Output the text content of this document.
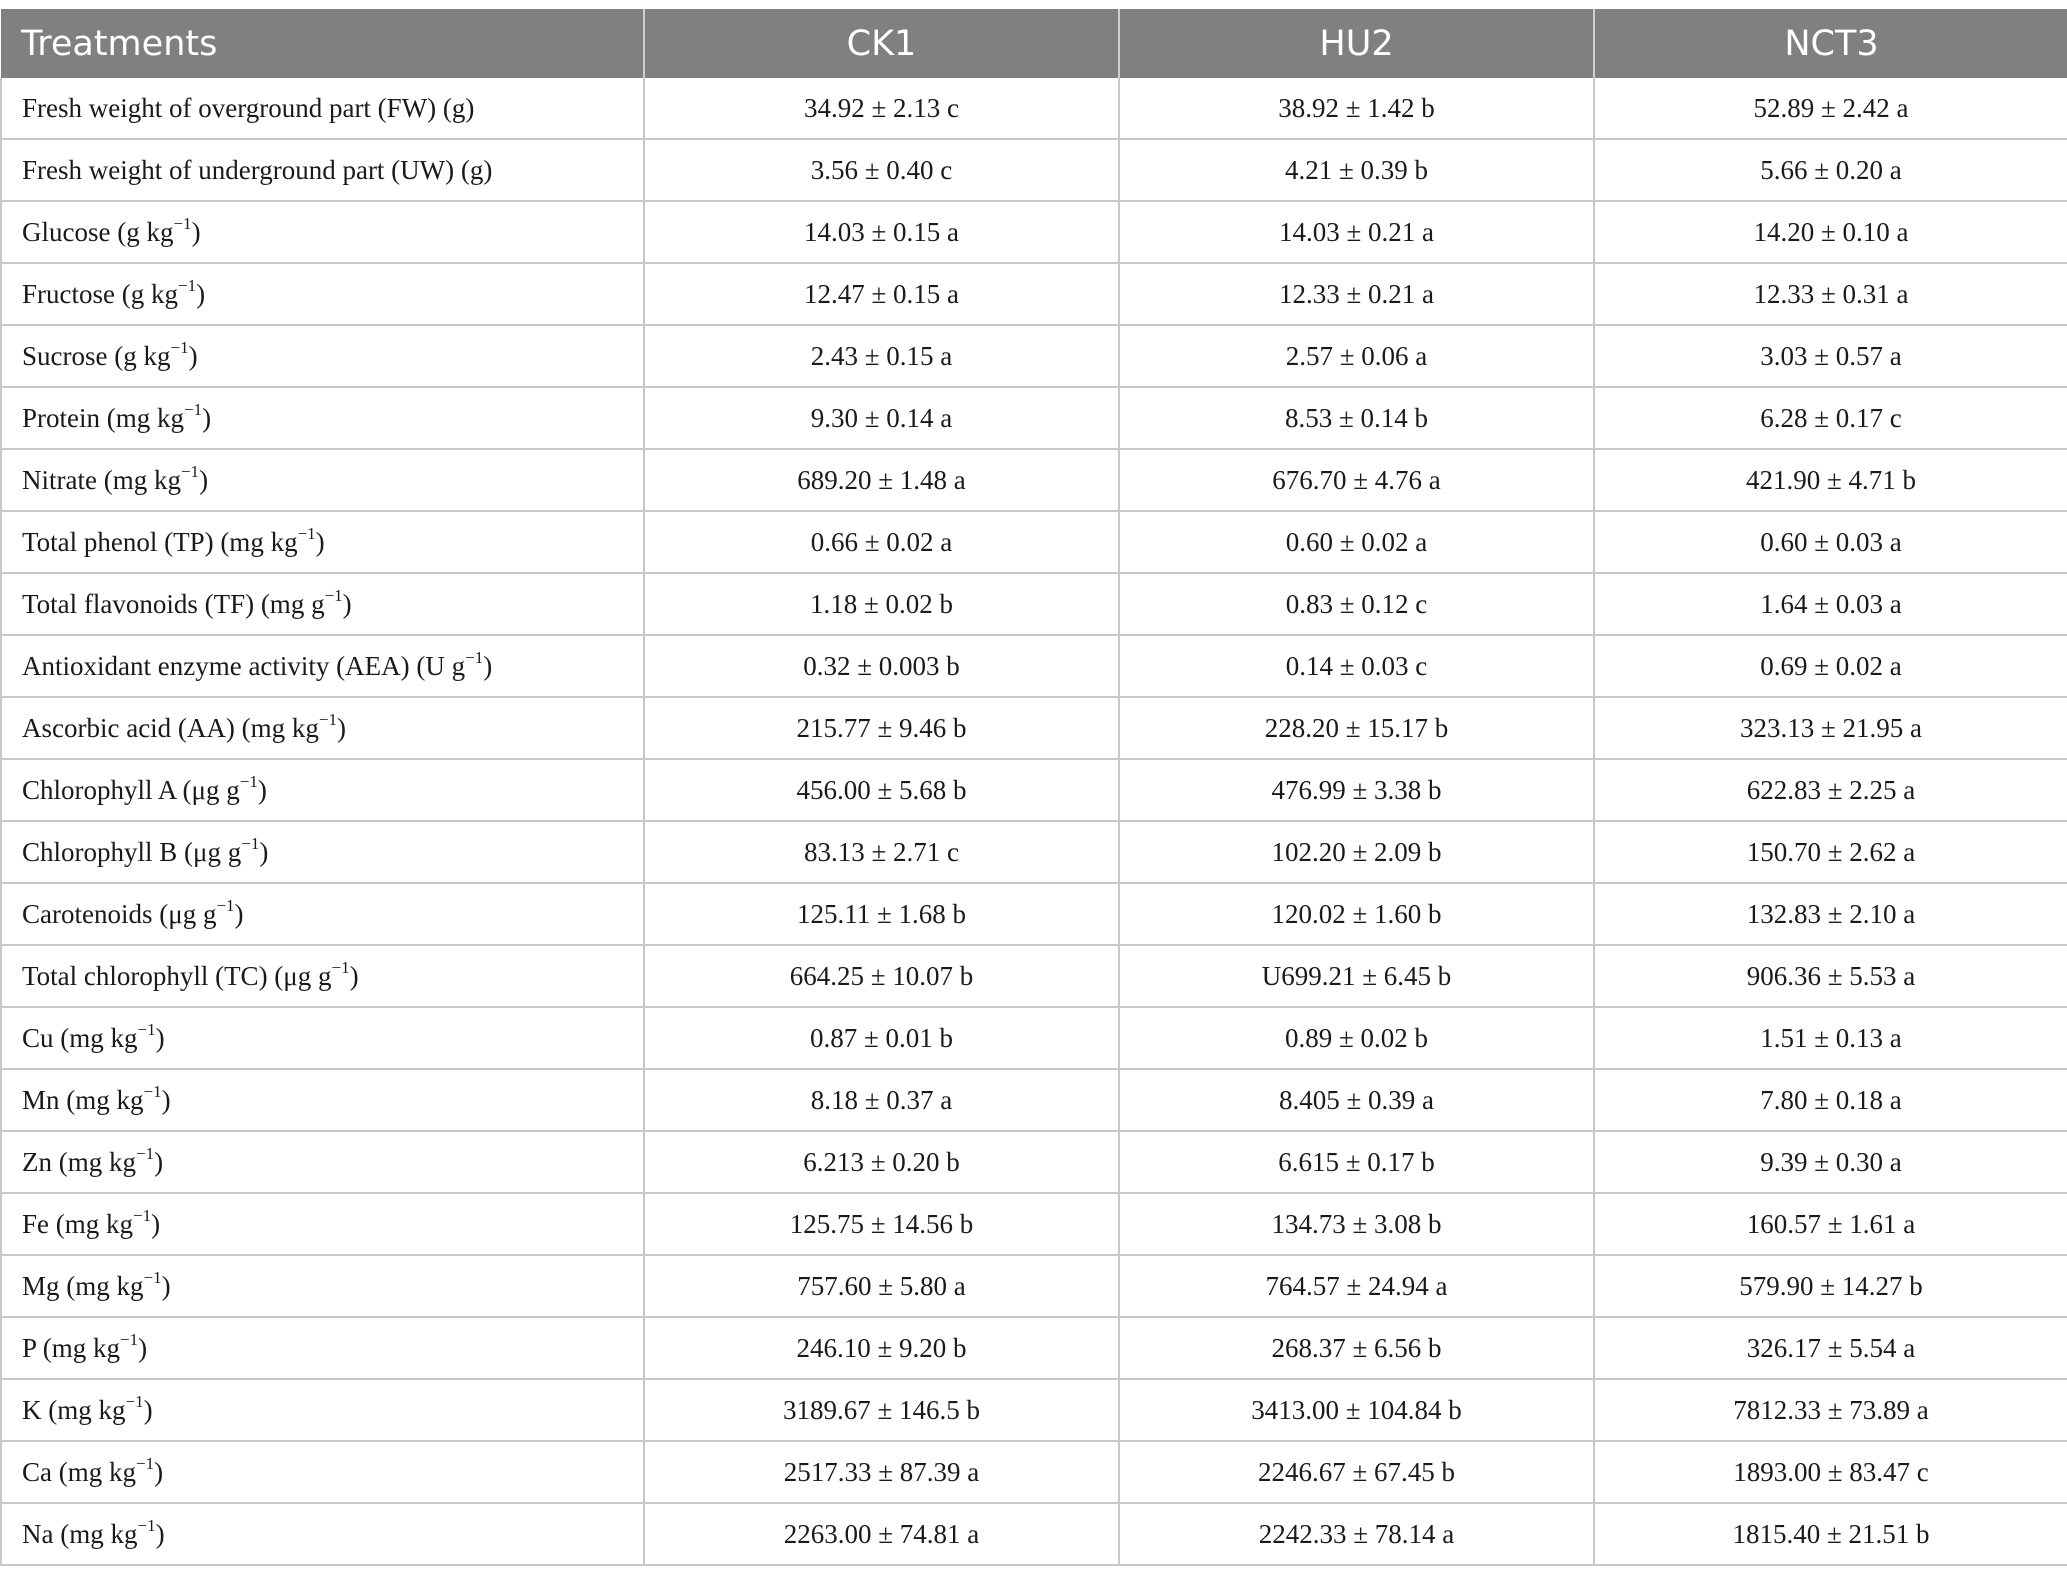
Treatments	CK1	HU2	NCT3
Fresh weight of overground part (FW) (g)	34.92 ± 2.13 c	38.92 ± 1.42 b	52.89 ± 2.42 a
Fresh weight of underground part (UW) (g)	3.56 ± 0.40 c	4.21 ± 0.39 b	5.66 ± 0.20 a
Glucose (g $kg^{-1}$)	14.03 ± 0.15 a	14.03 ± 0.21 a	14.20 ± 0.10 a
Fructose (g $kg^{-1}$)	12.47 ± 0.15 a	12.33 ± 0.21 a	12.33 ± 0.31 a
Sucrose (g $kg^{-1}$)	2.43 ± 0.15 a	2.57 ± 0.06 a	3.03 ± 0.57 a
Protein (mg $kg^{-1}$)	9.30 ± 0.14 a	8.53 ± 0.14 b	6.28 ± 0.17 c
Nitrate (mg $kg^{-1}$)	689.20 ± 1.48 a	676.70 ± 4.76 a	421.90 ± 4.71 b
Total phenol (TP) (mg $kg^{-1}$)	0.66 ± 0.02 a	0.60 ± 0.02 a	0.60 ± 0.03 a
Total flavonoids (TF) (mg $g^{-1}$)	1.18 ± 0.02 b	0.83 ± 0.12 c	1.64 ± 0.03 a
Antioxidant enzyme activity (AEA) (U $g^{-1}$)	0.32 ± 0.003 b	0.14 ± 0.03 c	0.69 ± 0.02 a
Ascorbic acid (AA) (mg $kg^{-1}$)	215.77 ± 9.46 b	228.20 ± 15.17 b	323.13 ± 21.95 a
Chlorophyll A (μg $g^{-1}$)	456.00 ± 5.68 b	476.99 ± 3.38 b	622.83 ± 2.25 a
Chlorophyll B (μg $g^{-1}$)	83.13 ± 2.71 c	102.20 ± 2.09 b	150.70 ± 2.62 a
Carotenoids (μg $g^{-1}$)	125.11 ± 1.68 b	120.02 ± 1.60 b	132.83 ± 2.10 a
Total chlorophyll (TC) (μg $g^{-1}$)	664.25 ± 10.07 b	U699.21 ± 6.45 b	906.36 ± 5.53 a
Cu (mg $kg^{-1}$)	0.87 ± 0.01 b	0.89 ± 0.02 b	1.51 ± 0.13 a
Mn (mg $kg^{-1}$)	8.18 ± 0.37 a	8.405 ± 0.39 a	7.80 ± 0.18 a
Zn (mg $kg^{-1}$)	6.213 ± 0.20 b	6.615 ± 0.17 b	9.39 ± 0.30 a
Fe (mg $kg^{-1}$)	125.75 ± 14.56 b	134.73 ± 3.08 b	160.57 ± 1.61 a
Mg (mg $kg^{-1}$)	757.60 ± 5.80 a	764.57 ± 24.94 a	579.90 ± 14.27 b
P (mg $kg^{-1}$)	246.10 ± 9.20 b	268.37 ± 6.56 b	326.17 ± 5.54 a
K (mg $kg^{-1}$)	3189.67 ± 146.5 b	3413.00 ± 104.84 b	7812.33 ± 73.89 a
Ca (mg $kg^{-1}$)	2517.33 ± 87.39 a	2246.67 ± 67.45 b	1893.00 ± 83.47 c
Na (mg $kg^{-1}$)	2263.00 ± 74.81 a	2242.33 ± 78.14 a	1815.40 ± 21.51 b
